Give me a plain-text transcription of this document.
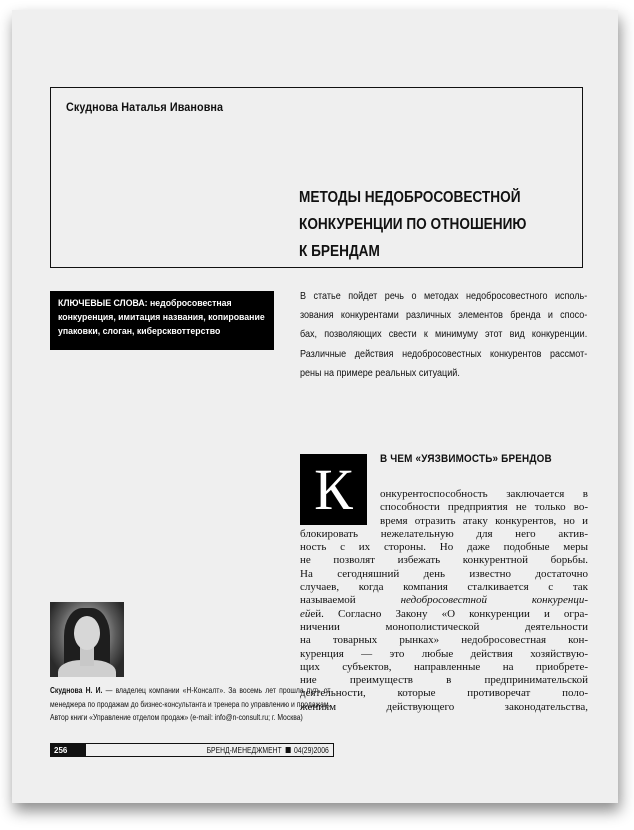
Скуднова Наталья Ивановна
МЕТОДЫ НЕДОБРОСОВЕСТНОЙ
КОНКУРЕНЦИИ ПО ОТНОШЕНИЮ
К БРЕНДАМ
КЛЮЧЕВЫЕ СЛОВА: недобросовестная конкуренция, имитация названия, копирование упаковки, слоган, киберсквоттерство
В статье пойдет речь о методах недобросовестного исполь-
зования конкурентами различных элементов бренда и спосо-
бах, позволяющих свести к минимуму этот вид конкуренции.
Различные действия недобросовестных конкурентов рассмот-
рены на примере реальных ситуаций.
К	В ЧЕМ «УЯЗВИМОСТЬ» БРЕНДОВ
онкурентоспособность заключается в
способности предприятия не только во-
время отразить атаку конкурентов, но и
блокировать нежелательную для него актив-
ность с их стороны. Но даже подобные меры
не позволят избежать конкурентной борьбы.
На сегодняшний день известно достаточно
случаев, когда компания сталкивается с так
называемой недобросовестной конкуренци-
ейей. Согласно Закону «О конкуренции и огра-
ничении монополистической деятельности
на товарных рынках» недобросовестная кон-
куренция — это любые действия хозяйствую-
щих субъектов, направленные на приобрете-
ние преимуществ в предпринимательской
деятельности, которые противоречат поло-
жениям действующего законодательства,
Скуднова Н. И. — владелец компании «Н-Консалт». За восемь лет прошла путь от
менеджера по продажам до бизнес-консультанта и тренера по управлению и продажам.
Автор книги «Управление отделом продаж» (e-mail: info@n-consult.ru; г. Москва)
256	БРЕНД-МЕНЕДЖМЕНТ 04(29)2006
